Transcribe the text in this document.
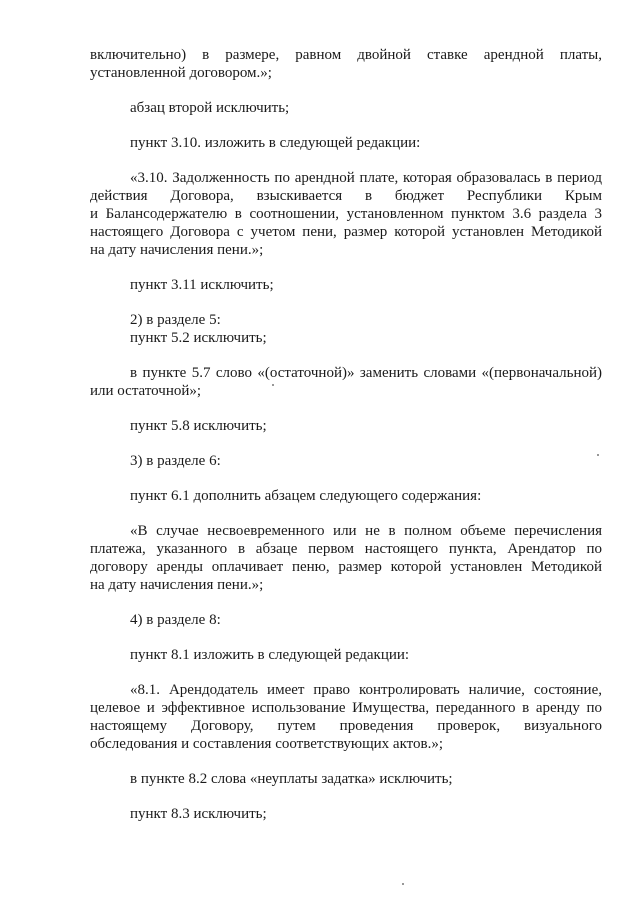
включительно) в размере, равном двойной ставке арендной платы,
установленной договором.»;
абзац второй исключить;
пункт 3.10. изложить в следующей редакции:
«3.10. Задолженность по арендной плате, которая образовалась в период
действия Договора, взыскивается в бюджет Республики Крым
и Балансодержателю в соотношении, установленном пунктом 3.6 раздела 3
настоящего Договора с учетом пени, размер которой установлен Методикой
на дату начисления пени.»;
пункт 3.11 исключить;
2) в разделе 5:
пункт 5.2 исключить;
в пункте 5.7 слово «(остаточной)» заменить словами «(первоначальной)
или остаточной»;
пункт 5.8 исключить;
3) в разделе 6:
пункт 6.1 дополнить абзацем следующего содержания:
«В случае несвоевременного или не в полном объеме перечисления
платежа, указанного в абзаце первом настоящего пункта, Арендатор по
договору аренды оплачивает пеню, размер которой установлен Методикой
на дату начисления пени.»;
4) в разделе 8:
пункт 8.1 изложить в следующей редакции:
«8.1. Арендодатель имеет право контролировать наличие, состояние,
целевое и эффективное использование Имущества, переданного в аренду по
настоящему Договору, путем проведения проверок, визуального
обследования и составления соответствующих актов.»;
в пункте 8.2 слова «неуплаты задатка» исключить;
пункт 8.3 исключить;
